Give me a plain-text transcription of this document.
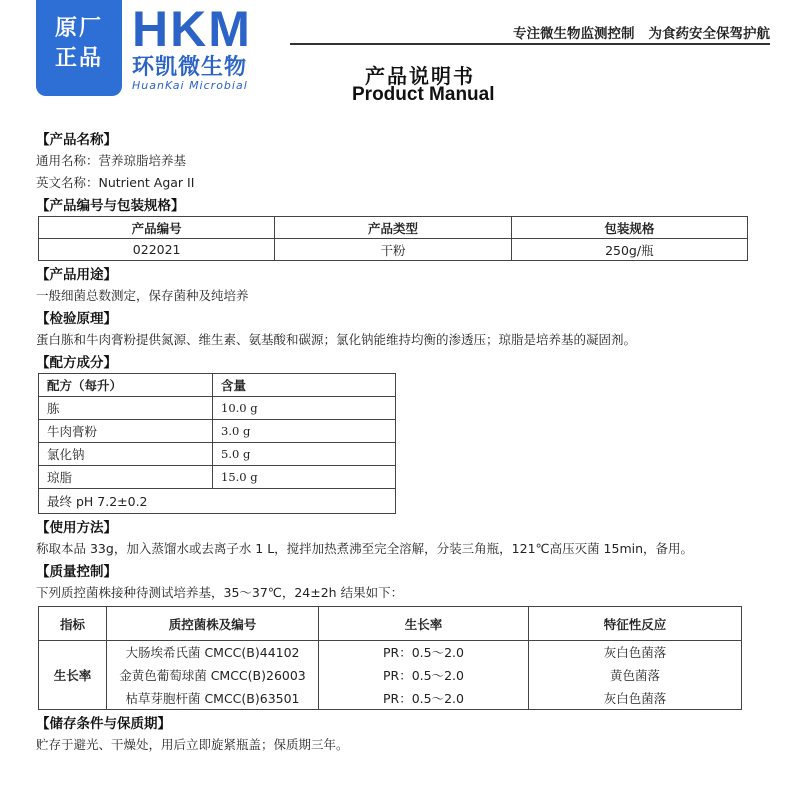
原厂
正品
HKM
环凯微生物
HuanKai Microbial
专注微生物监测控制 为食药安全保驾护航
产品说明书
Product Manual
【产品名称】
通用名称：营养琼脂培养基
英文名称：Nutrient Agar II
【产品编号与包装规格】
产品编号	产品类型	包装规格
022021	干粉	250g/瓶
【产品用途】
一般细菌总数测定，保存菌种及纯培养
【检验原理】
蛋白胨和牛肉膏粉提供氮源、维生素、氨基酸和碳源；氯化钠能维持均衡的渗透压；琼脂是培养基的凝固剂。
【配方成分】
配方（每升）	含量
胨	10.0 g
牛肉膏粉	3.0 g
氯化钠	5.0 g
琼脂	15.0 g
最终 pH 7.2±0.2	
【使用方法】
称取本品 33g，加入蒸馏水或去离子水 1 L，搅拌加热煮沸至完全溶解，分装三角瓶，121℃高压灭菌 15min，备用。
【质量控制】
下列质控菌株接种待测试培养基，35～37℃，24±2h 结果如下：
指标	质控菌株及编号	生长率	特征性反应
生长率	大肠埃希氏菌 CMCC(B)44102	PR：0.5～2.0	灰白色菌落
	金黄色葡萄球菌 CMCC(B)26003	PR：0.5～2.0	黄色菌落
	枯草芽胞杆菌 CMCC(B)63501	PR：0.5～2.0	灰白色菌落
【储存条件与保质期】
贮存于避光、干燥处，用后立即旋紧瓶盖；保质期三年。
